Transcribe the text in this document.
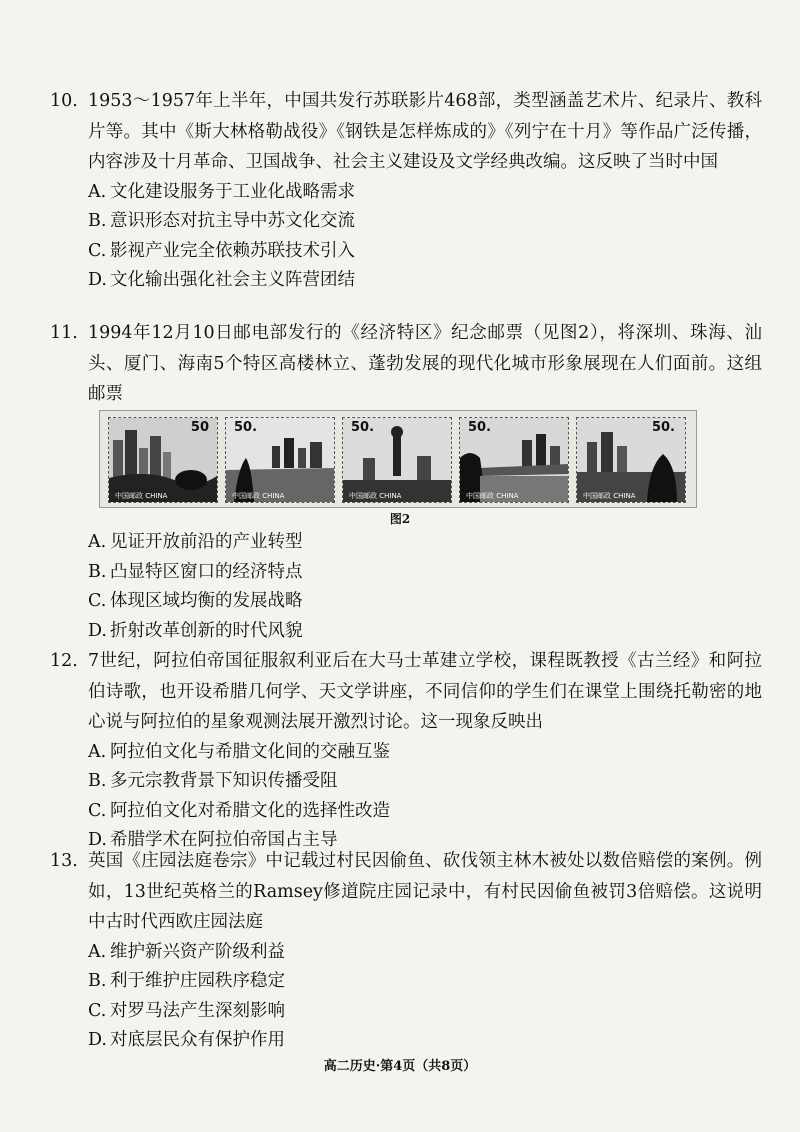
10. 1953～1957年上半年，中国共发行苏联影片468部，类型涵盖艺术片、纪录片、教科片等。其中《斯大林格勒战役》《钢铁是怎样炼成的》《列宁在十月》等作品广泛传播，内容涉及十月革命、卫国战争、社会主义建设及文学经典改编。这反映了当时中国
A. 文化建设服务于工业化战略需求
B. 意识形态对抗主导中苏文化交流
C. 影视产业完全依赖苏联技术引入
D. 文化输出强化社会主义阵营团结
11. 1994年12月10日邮电部发行的《经济特区》纪念邮票（见图2），将深圳、珠海、汕头、厦门、海南5个特区高楼林立、蓬勃发展的现代化城市形象展现在人们面前。这组邮票
50
中国邮政 CHINA
50.
中国邮政 CHINA
50.
中国邮政 CHINA
50.
中国邮政 CHINA
50.
中国邮政 CHINA
图2
A. 见证开放前沿的产业转型
B. 凸显特区窗口的经济特点
C. 体现区域均衡的发展战略
D. 折射改革创新的时代风貌
12. 7世纪，阿拉伯帝国征服叙利亚后在大马士革建立学校，课程既教授《古兰经》和阿拉伯诗歌，也开设希腊几何学、天文学讲座，不同信仰的学生们在课堂上围绕托勒密的地心说与阿拉伯的星象观测法展开激烈讨论。这一现象反映出
A. 阿拉伯文化与希腊文化间的交融互鉴
B. 多元宗教背景下知识传播受阻
C. 阿拉伯文化对希腊文化的选择性改造
D. 希腊学术在阿拉伯帝国占主导
13. 英国《庄园法庭卷宗》中记载过村民因偷鱼、砍伐领主林木被处以数倍赔偿的案例。例如，13世纪英格兰的Ramsey修道院庄园记录中，有村民因偷鱼被罚3倍赔偿。这说明中古时代西欧庄园法庭
A. 维护新兴资产阶级利益
B. 利于维护庄园秩序稳定
C. 对罗马法产生深刻影响
D. 对底层民众有保护作用
高二历史·第4页（共8页）
